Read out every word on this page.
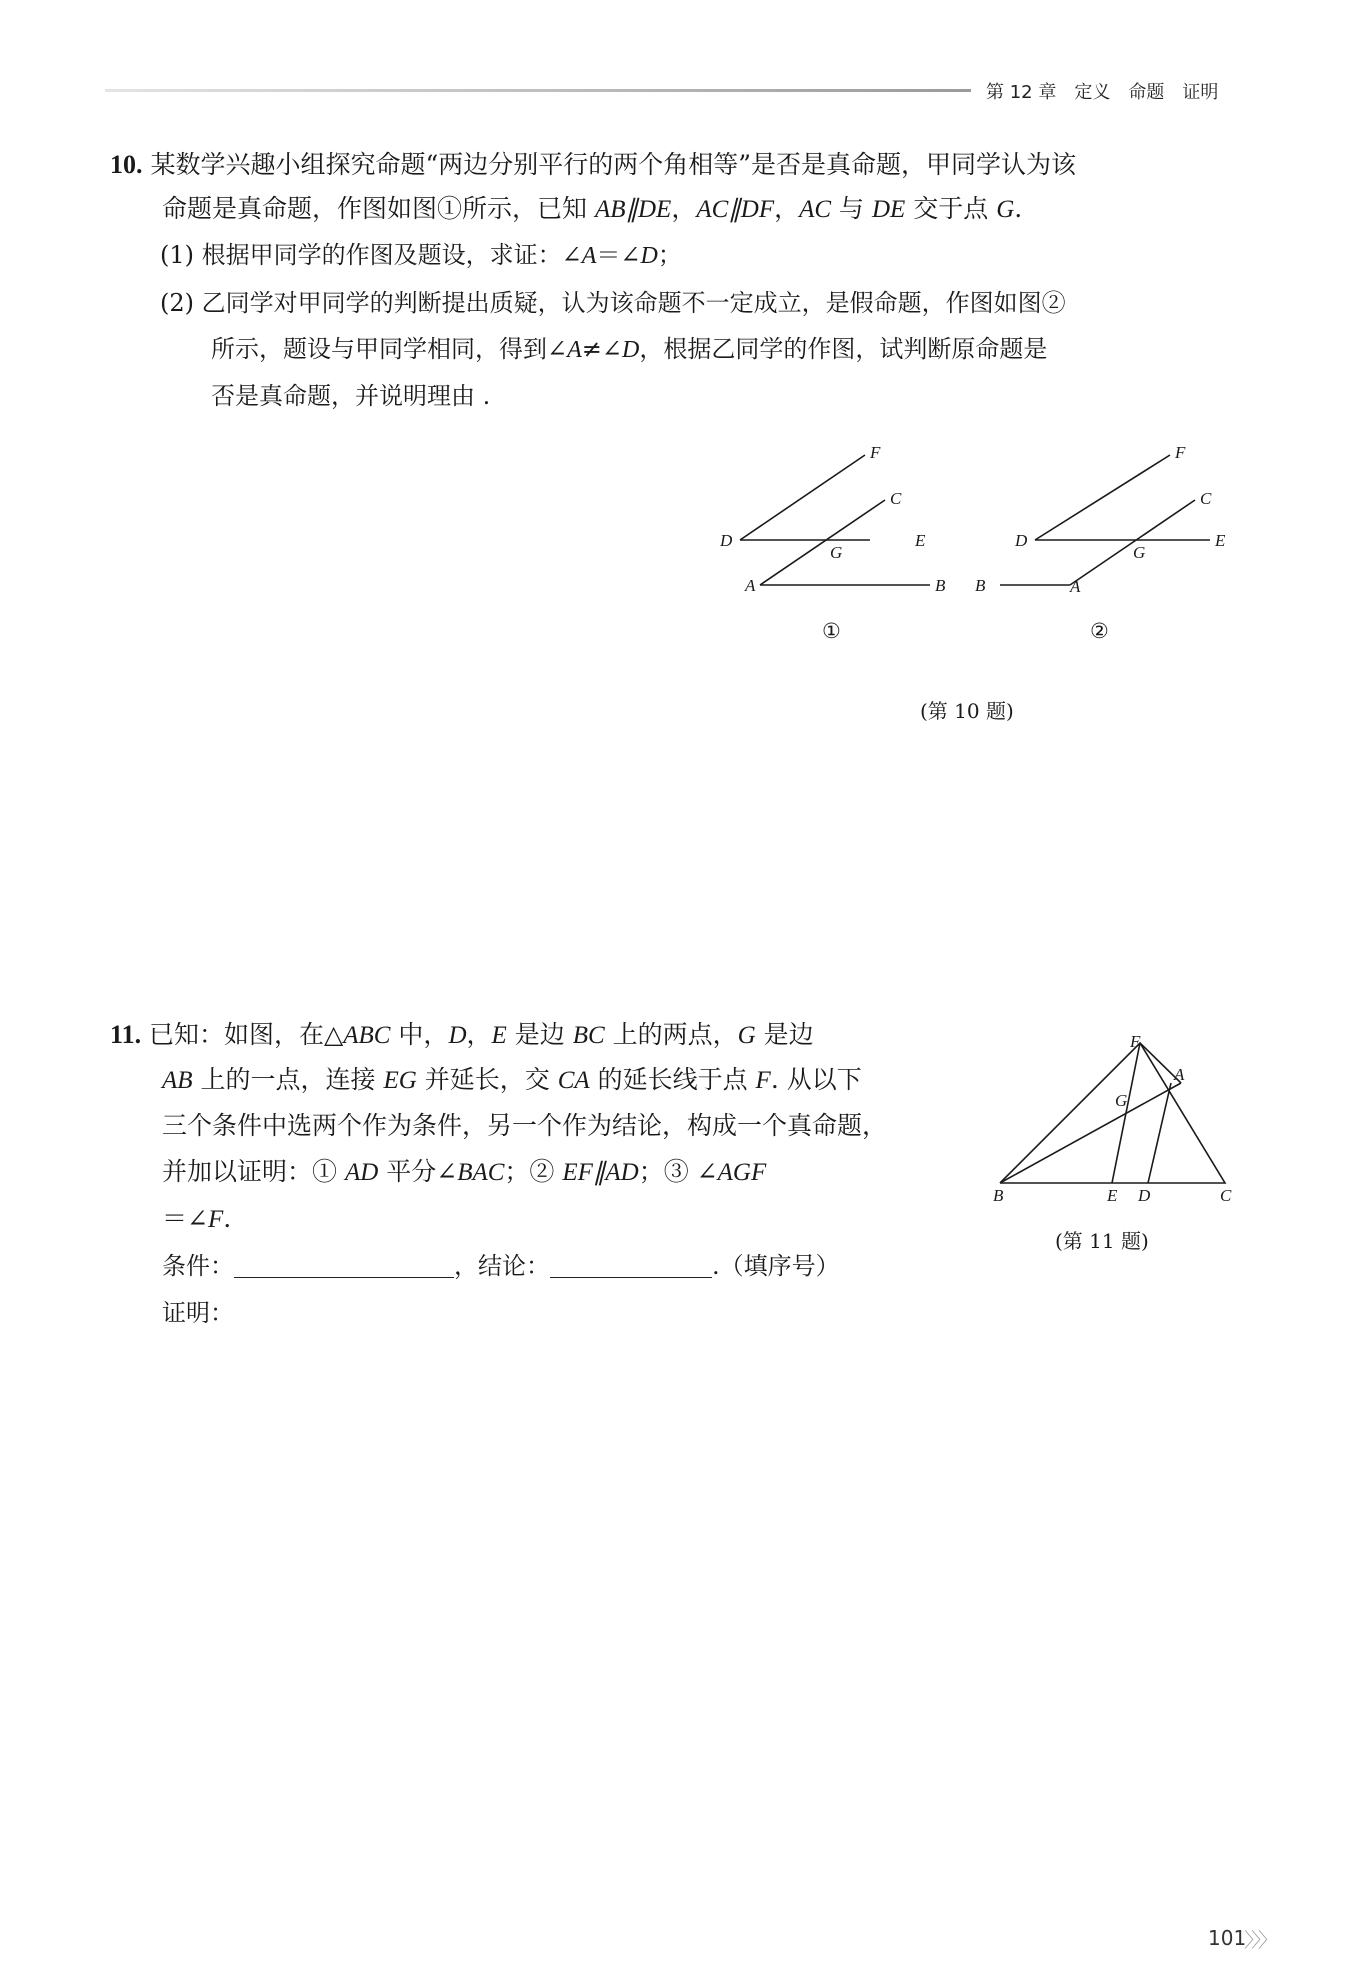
第 12 章　定义　命题　证明
10. 某数学兴趣小组探究命题“两边分别平行的两个角相等”是否是真命题，甲同学认为该
命题是真命题，作图如图①所示，已知 AB∥DE，AC∥DF，AC 与 DE 交于点 G.
(1) 根据甲同学的作图及题设，求证：∠A＝∠D；
(2) 乙同学对甲同学的判断提出质疑，认为该命题不一定成立，是假命题，作图如图②
所示，题设与甲同学相同，得到∠A≠∠D，根据乙同学的作图，试判断原命题是
否是真命题，并说明理由 .
F
C
D
G
E
A	B
①
F
C
D
G
E
B	A
②
(第 10 题)
11. 已知：如图，在△ABC 中，D，E 是边 BC 上的两点，G 是边
AB 上的一点，连接 EG 并延长，交 CA 的延长线于点 F. 从以下
三个条件中选两个作为条件，另一个作为结论，构成一个真命题，
并加以证明：① AD 平分∠BAC；② EF∥AD；③ ∠AGF
＝∠F.
条件：	，结论：	.（填序号）
证明：
F
A
G
B	E D	C
(第 11 题)
101
〉〉〉
